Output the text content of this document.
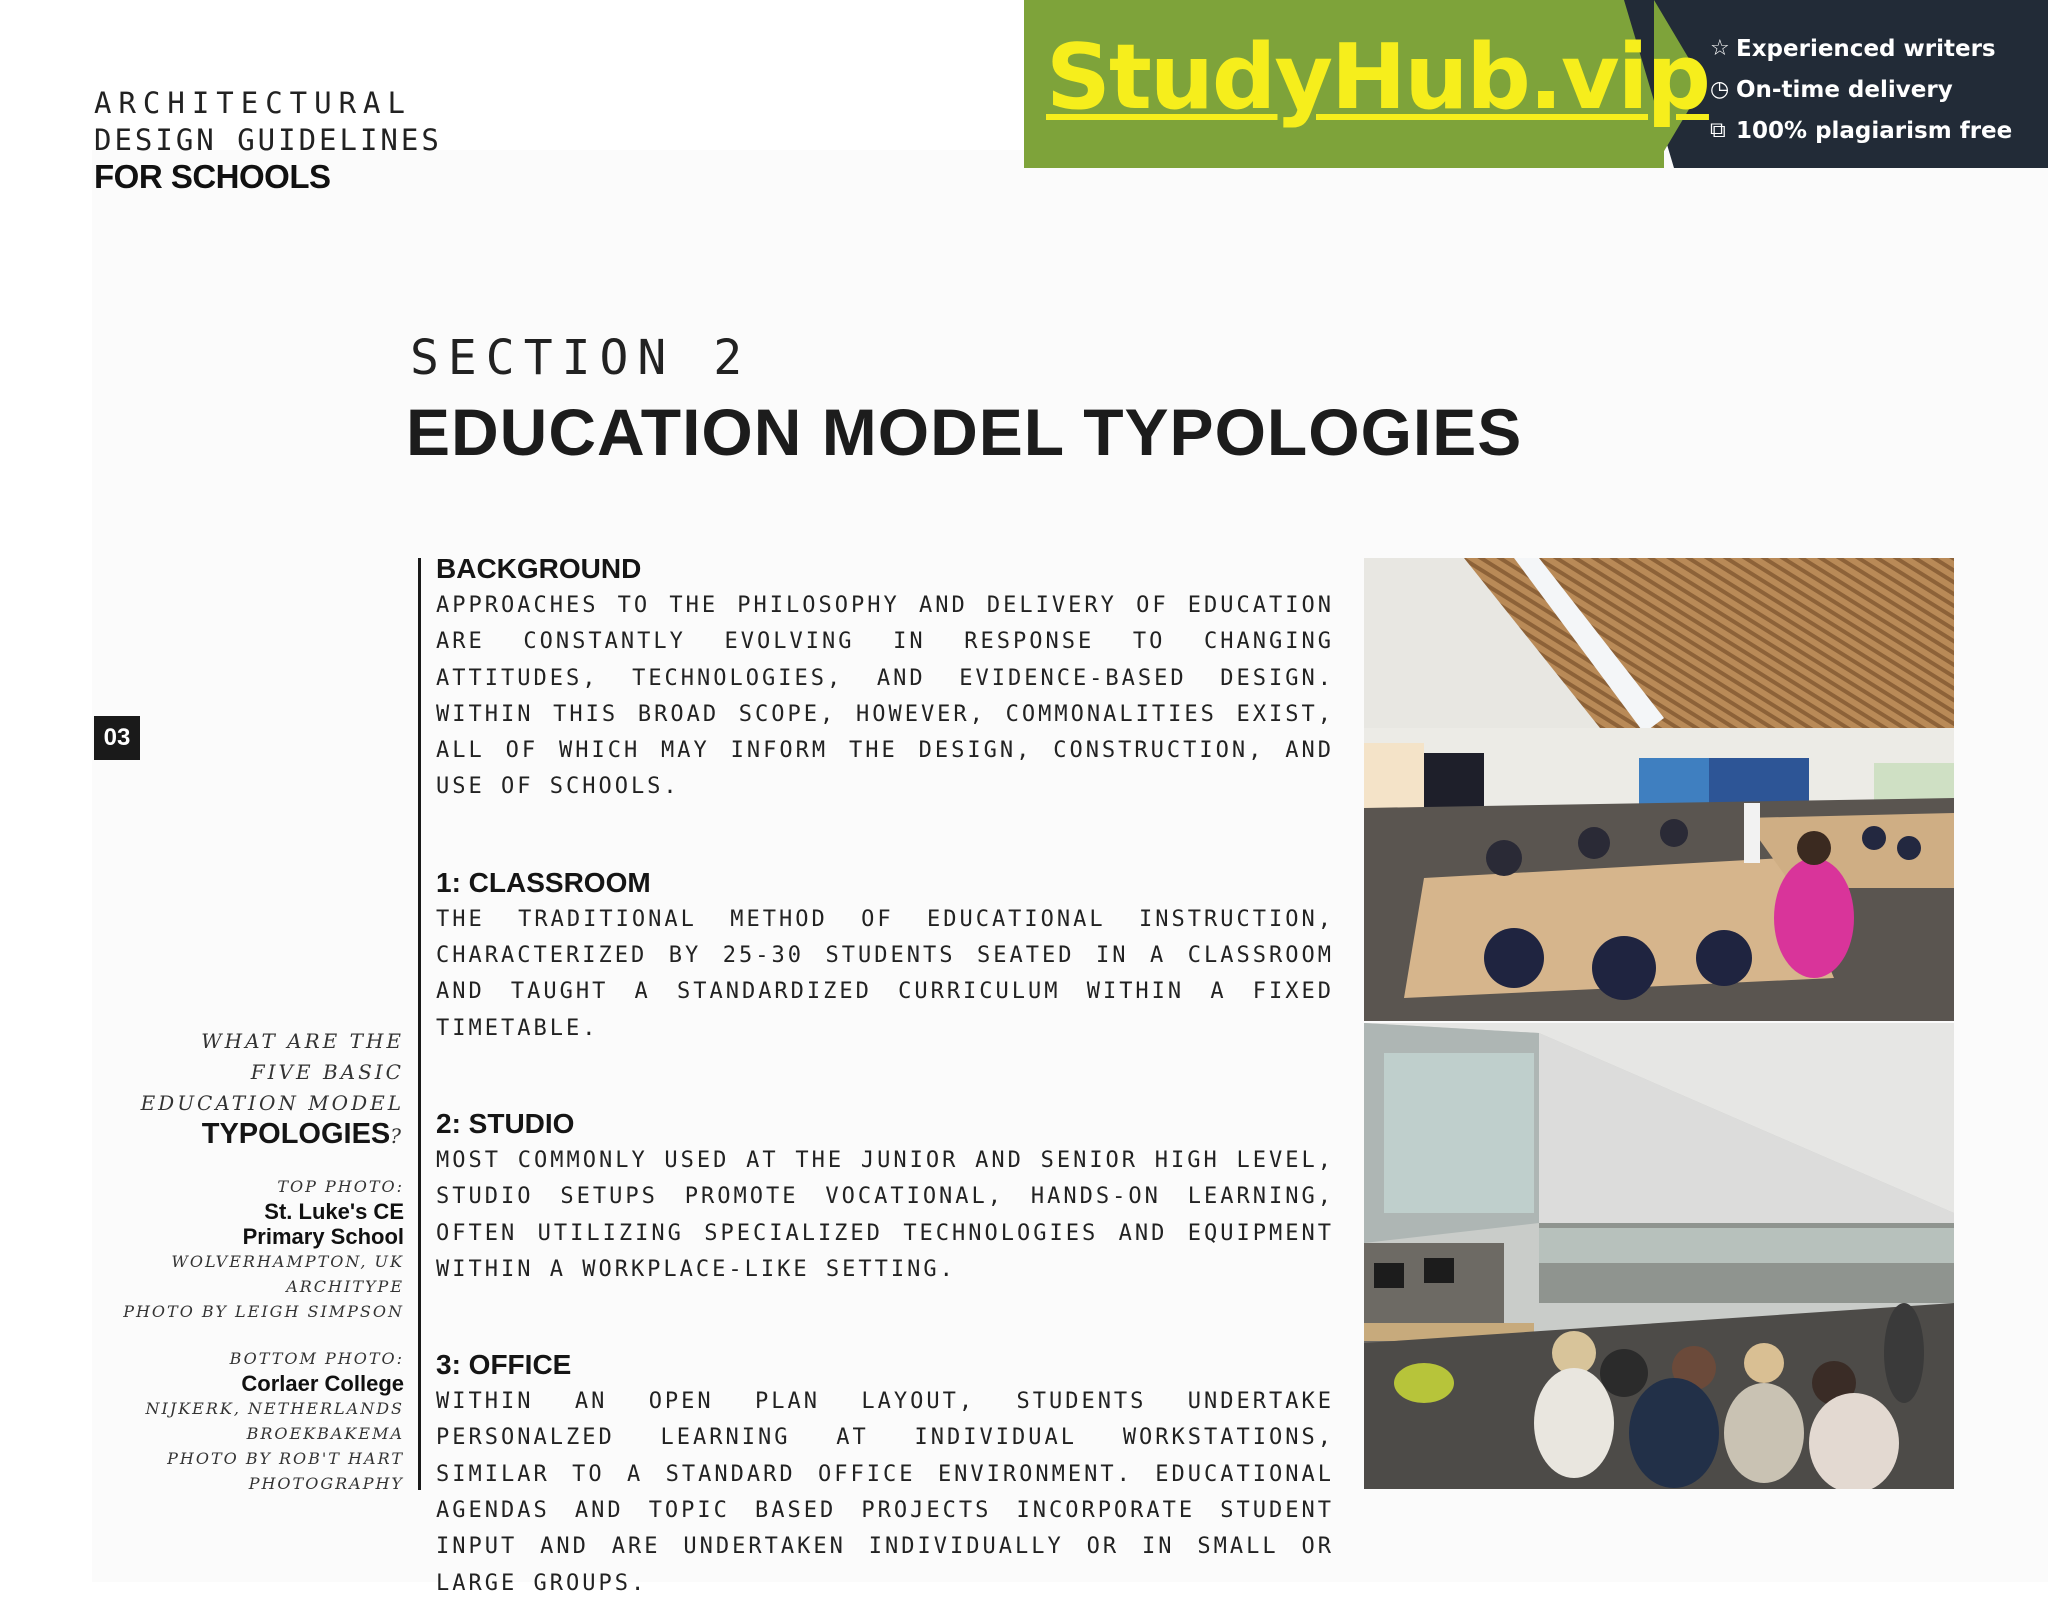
ARCHITECTURAL
DESIGN GUIDELINES
FOR SCHOOLS
StudyHub.vip ☆ Experienced writers
◷ On-time delivery
⧉ 100% plagiarism free
SECTION 2
EDUCATION MODEL TYPOLOGIES
03
BACKGROUND

APPROACHES TO THE PHILOSOPHY AND DELIVERY OF EDUCATION ARE CONSTANTLY EVOLVING IN RESPONSE TO CHANGING ATTITUDES, TECHNOLOGIES, AND EVIDENCE-BASED DESIGN. WITHIN THIS BROAD SCOPE, HOWEVER, COMMONALITIES EXIST, ALL OF WHICH MAY INFORM THE DESIGN, CONSTRUCTION, AND USE OF SCHOOLS.

1: CLASSROOM

THE TRADITIONAL METHOD OF EDUCATIONAL INSTRUCTION, CHARACTERIZED BY 25-30 STUDENTS SEATED IN A CLASSROOM AND TAUGHT A STANDARDIZED CURRICULUM WITHIN A FIXED TIMETABLE.

2: STUDIO

MOST COMMONLY USED AT THE JUNIOR AND SENIOR HIGH LEVEL, STUDIO SETUPS PROMOTE VOCATIONAL, HANDS-ON LEARNING, OFTEN UTILIZING SPECIALIZED TECHNOLOGIES AND EQUIPMENT WITHIN A WORKPLACE-LIKE SETTING.

3: OFFICE

WITHIN AN OPEN PLAN LAYOUT, STUDENTS UNDERTAKE PERSONALZED LEARNING AT INDIVIDUAL WORKSTATIONS, SIMILAR TO A STANDARD OFFICE ENVIRONMENT. EDUCATIONAL AGENDAS AND TOPIC BASED PROJECTS INCORPORATE STUDENT INPUT AND ARE UNDERTAKEN INDIVIDUALLY OR IN SMALL OR LARGE GROUPS.

WHAT ARE THE
FIVE BASIC
EDUCATION MODEL
TYPOLOGIES?
TOP PHOTO:
St. Luke's CE
Primary School
WOLVERHAMPTON, UK
ARCHITYPE
PHOTO BY LEIGH SIMPSON
BOTTOM PHOTO:
Corlaer College
NIJKERK, NETHERLANDS
BROEKBAKEMA
PHOTO BY ROB'T HART
PHOTOGRAPHY
